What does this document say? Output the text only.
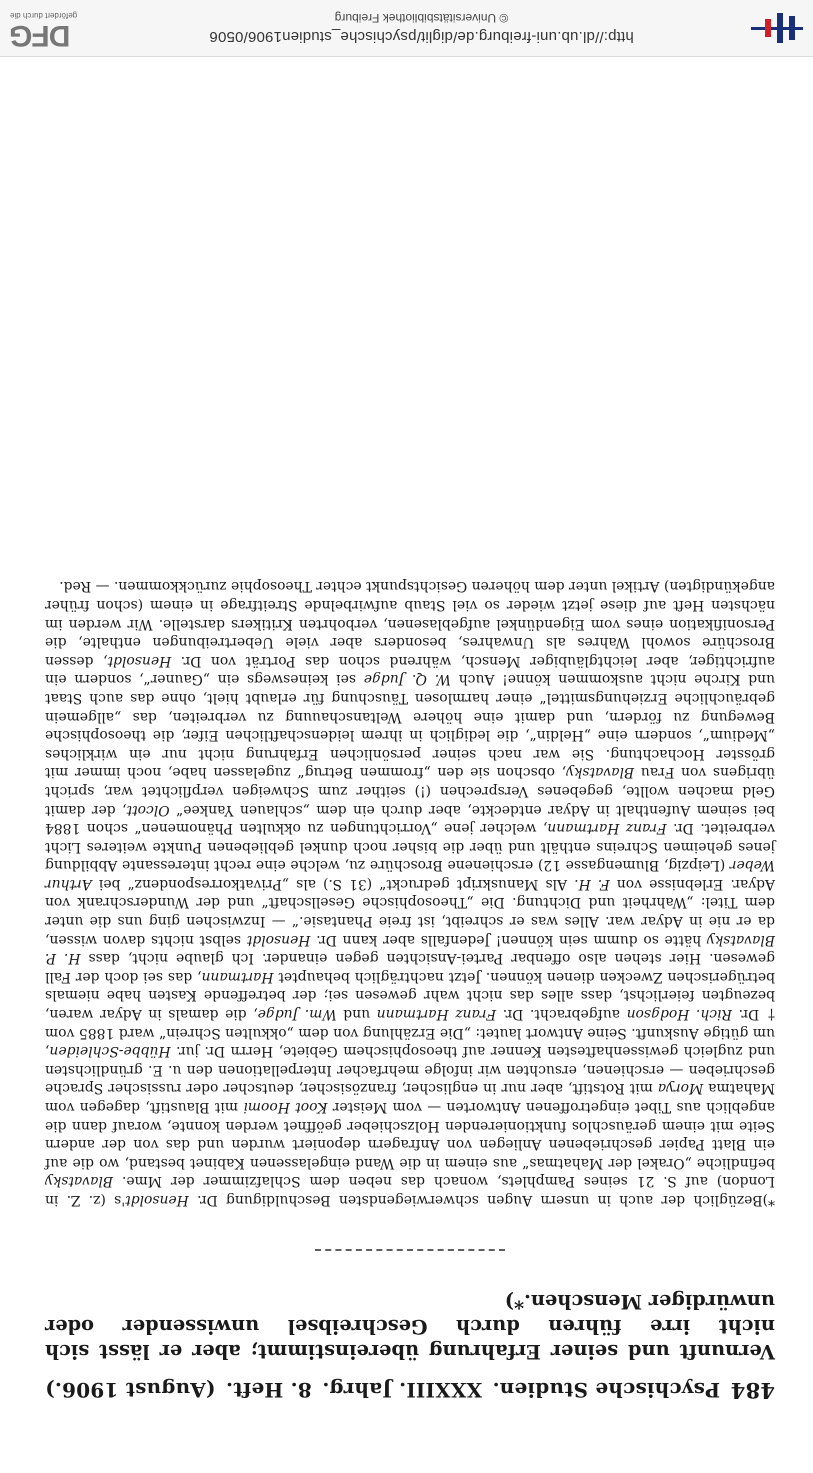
484
Psychische Studien.
XXXIII. Jahrg.
8. Heft.
(August 1906.)

Vernunft und seiner Erfahrung übereinstimmt; aber er lässt sich nicht irre führen durch Geschreibsel unwissender oder unwürdiger Menschen.*)

*)Bezüglich der auch in unsern Augen schwerwiegendsten Beschuldigung Dr. Hensoldt's (z. Z. in London) auf S. 21 seines Pamphlets, wonach das neben dem Schlafzimmer der Mme. Blavatsky befindliche „Orakel der Mahatmas“ aus einem in die Wand eingelassenen Kabinet bestand, wo die auf ein Blatt Papier geschriebenen Anliegen von Anfragern deponiert wurden und das von der andern Seite mit einem geräuschlos funktionierenden Holzschieber geöffnet werden konnte, worauf dann die angeblich aus Tibet eingetroffenen Antworten — vom Meister Koot Hoomi mit Blaustift, dagegen vom Mahatma Morya mit Rotstift, aber nur in englischer, französischer, deutscher oder russischer Sprache geschrieben — erschienen, ersuchten wir infolge mehrfacher Interpellationen den u. E. gründlichsten und zugleich gewissenhaftesten Kenner auf theosophischem Gebiete, Herrn Dr. jur. Hübbe-Schleiden, um gütige Auskunft. Seine Antwort lautet: „Die Erzählung von dem „okkulten Schrein“ ward 1885 vom † Dr. Rich. Hodgson aufgebracht. Dr. Franz Hartmann und Wm. Judge, die damals in Adyar waren, bezeugten feierlichst, dass alles das nicht wahr gewesen sei; der betreffende Kasten habe niemals betrügerischen Zwecken dienen können. Jetzt nachträglich behauptet Hartmann, das sei doch der Fall gewesen. Hier stehen also offenbar Partei-Ansichten gegen einander. Ich glaube nicht, dass H. P. Blavatsky hätte so dumm sein können! Jedenfalls aber kann Dr. Hensoldt selbst nichts davon wissen, da er nie in Adyar war. Alles was er schreibt, ist freie Phantasie.“ — Inzwischen ging uns die unter dem Titel: „Wahrheit und Dichtung. Die „Theosophische Gesellschaft“ und der Wunderschrank von Adyar. Erlebnisse von F. H. Als Manuskript gedruckt“ (31 S.) als „Privatkorrespondenz“ bei Arthur Weber (Leipzig, Blumengasse 12) erschienene Broschüre zu, welche eine recht interessante Abbildung jenes geheimen Schreins enthält und über die bisher noch dunkel gebliebenen Punkte weiteres Licht verbreitet. Dr. Franz Hartmann, welcher jene „Vorrichtungen zu okkulten Phänomenen“ schon 1884 bei seinem Aufenthalt in Adyar entdeckte, aber durch ein dem „schlauen Yankee“ Olcott, der damit Geld machen wollte, gegebenes Versprechen (!) seither zum Schweigen verpflichtet war, spricht übrigens von Frau Blavatsky, obschon sie den „frommen Betrug“ zugelassen habe, noch immer mit grösster Hochachtung. Sie war nach seiner persönlichen Erfahrung nicht nur ein wirkliches „Medium“, sondern eine „Heldin“, die lediglich in ihrem leidenschaftlichen Eifer, die theosophische Bewegung zu fördern, und damit eine höhere Weltanschauung zu verbreiten, das „allgemein gebräuchliche Erziehungsmittel“ einer harmlosen Täuschung für erlaubt hielt, ohne das auch Staat und Kirche nicht auskommen könne! Auch W. Q. Judge sei keineswegs ein „Gauner“, sondern ein aufrichtiger, aber leichtgläubiger Mensch, während schon das Porträt von Dr. Hensoldt, dessen Broschüre sowohl Wahres als Unwahres, besonders aber viele Uebertreibungen enthalte, die Personifikation eines vom Eigendünkel aufgeblasenen, verbohrten Kritikers darstelle. Wir werden im nächsten Heft auf diese jetzt wieder so viel Staub aufwirbelnde Streitfrage in einem (schon früher angekündigten) Artikel unter dem höheren Gesichtspunkt echter Theosophie zurückkommen. — Red.

http://dl.ub.uni-freiburg.de/diglit/psychische_studien1906/0506
© Universitätsbibliothek Freiburg
DFG
gefördert durch die
